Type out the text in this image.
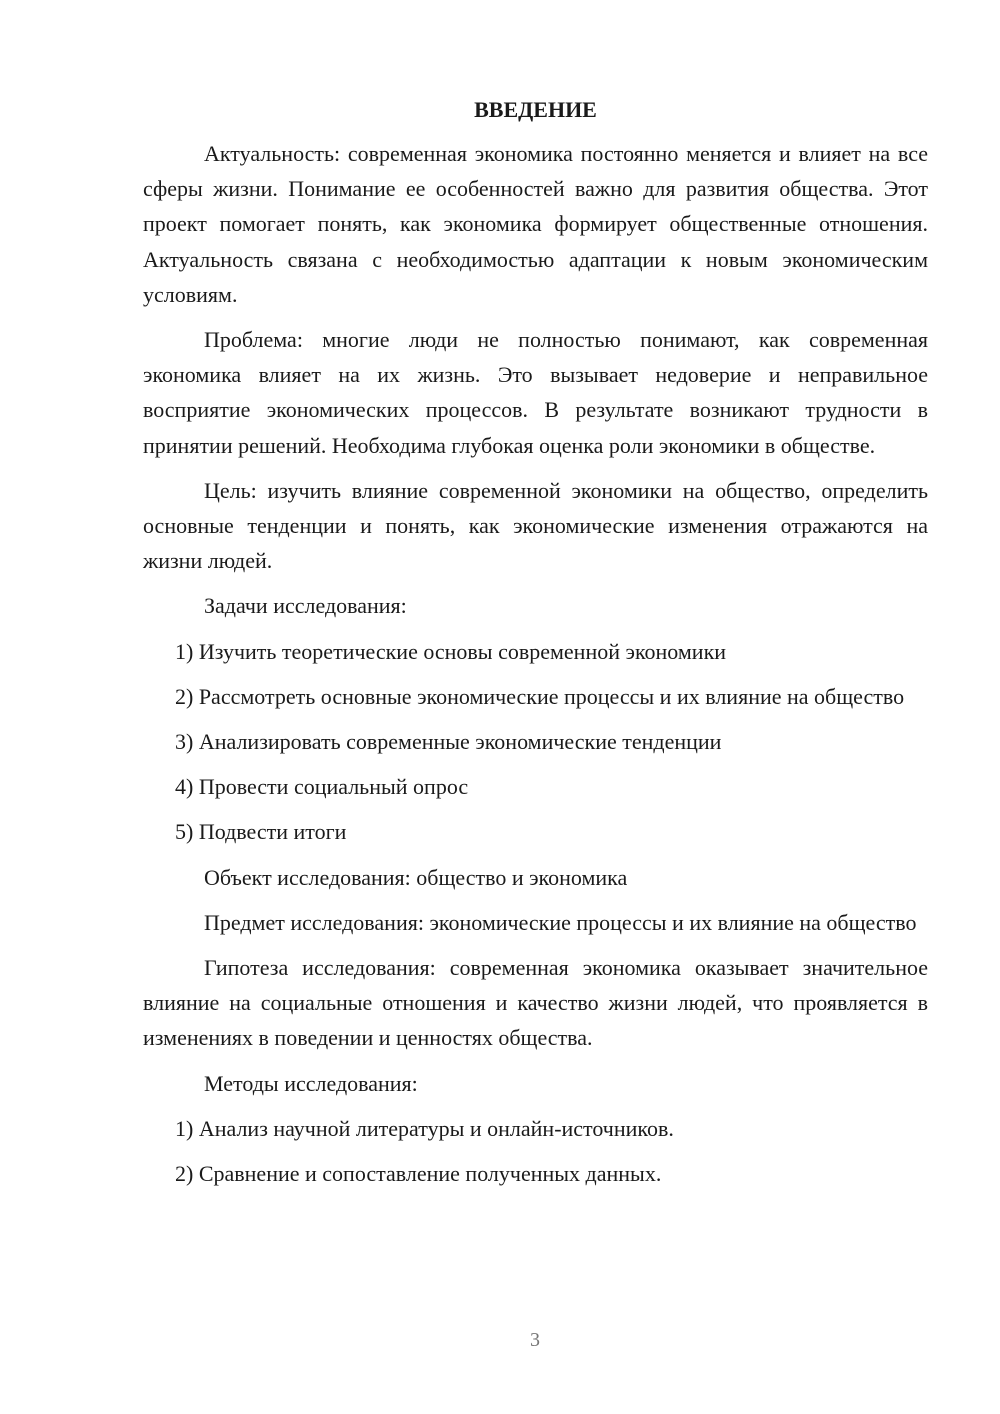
ВВЕДЕНИЕ

Актуальность: современная экономика постоянно меняется и влияет на все сферы жизни. Понимание ее особенностей важно для развития общества. Этот проект помогает понять, как экономика формирует общественные отношения. Актуальность связана с необходимостью адаптации к новым экономическим условиям.

Проблема: многие люди не полностью понимают, как современная экономика влияет на их жизнь. Это вызывает недоверие и неправильное восприятие экономических процессов. В результате возникают трудности в принятии решений. Необходима глубокая оценка роли экономики в обществе.

Цель: изучить влияние современной экономики на общество, определить основные тенденции и понять, как экономические изменения отражаются на жизни людей.

Задачи исследования:

1) Изучить теоретические основы современной экономики

2) Рассмотреть основные экономические процессы и их влияние на общество

3) Анализировать современные экономические тенденции

4) Провести социальный опрос

5) Подвести итоги

Объект исследования: общество и экономика

Предмет исследования: экономические процессы и их влияние на общество

Гипотеза исследования: современная экономика оказывает значительное влияние на социальные отношения и качество жизни людей, что проявляется в изменениях в поведении и ценностях общества.

Методы исследования:

1) Анализ научной литературы и онлайн-источников.

2) Сравнение и сопоставление полученных данных.

3
